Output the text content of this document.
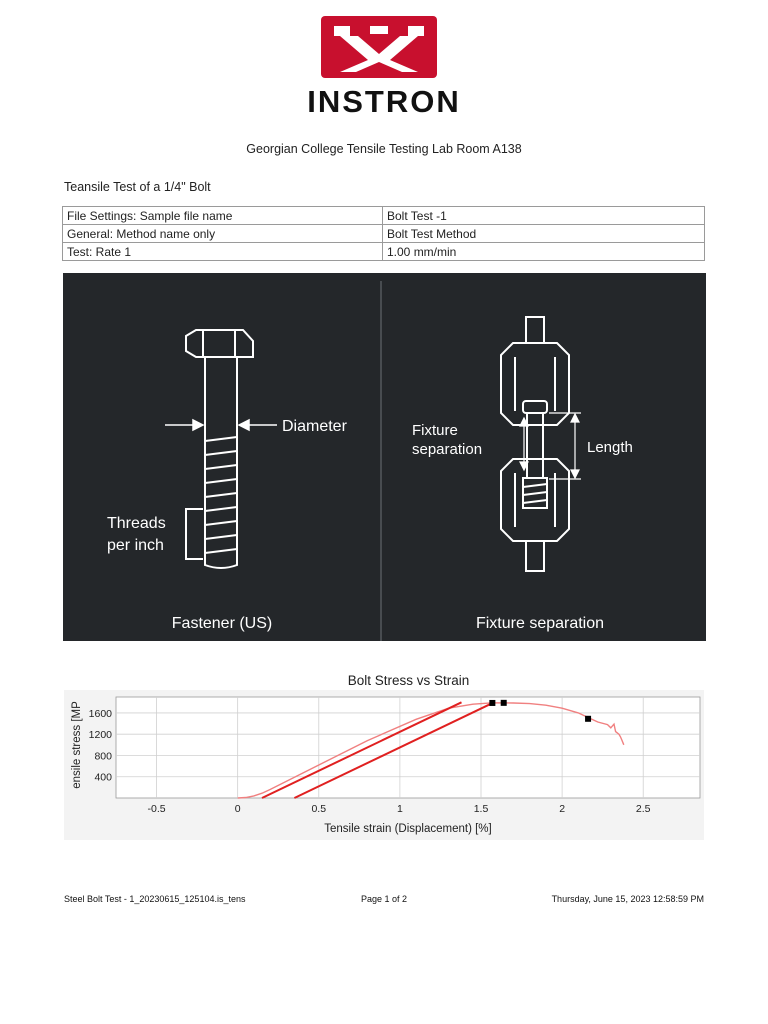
INSTRON
Georgian College Tensile Testing Lab Room A138
Teansile Test of a 1/4" Bolt
File Settings: Sample file name	Bolt Test -1
General: Method name only	Bolt Test Method
Test: Rate 1	1.00 mm/min
Diameter
Threads
per inch
Fastener (US)
Fixture
separation	Length
Fixture separation
Bolt Stress vs Strain
-0.5	0	0.5	1	1.5	2	2.5
400
800
1200
1600
Tensile strain (Displacement) [%]
ensile stress [MP
Steel Bolt Test - 1_20230615_125104.is_tens	Page 1 of 2	Thursday, June 15, 2023 12:58:59 PM
